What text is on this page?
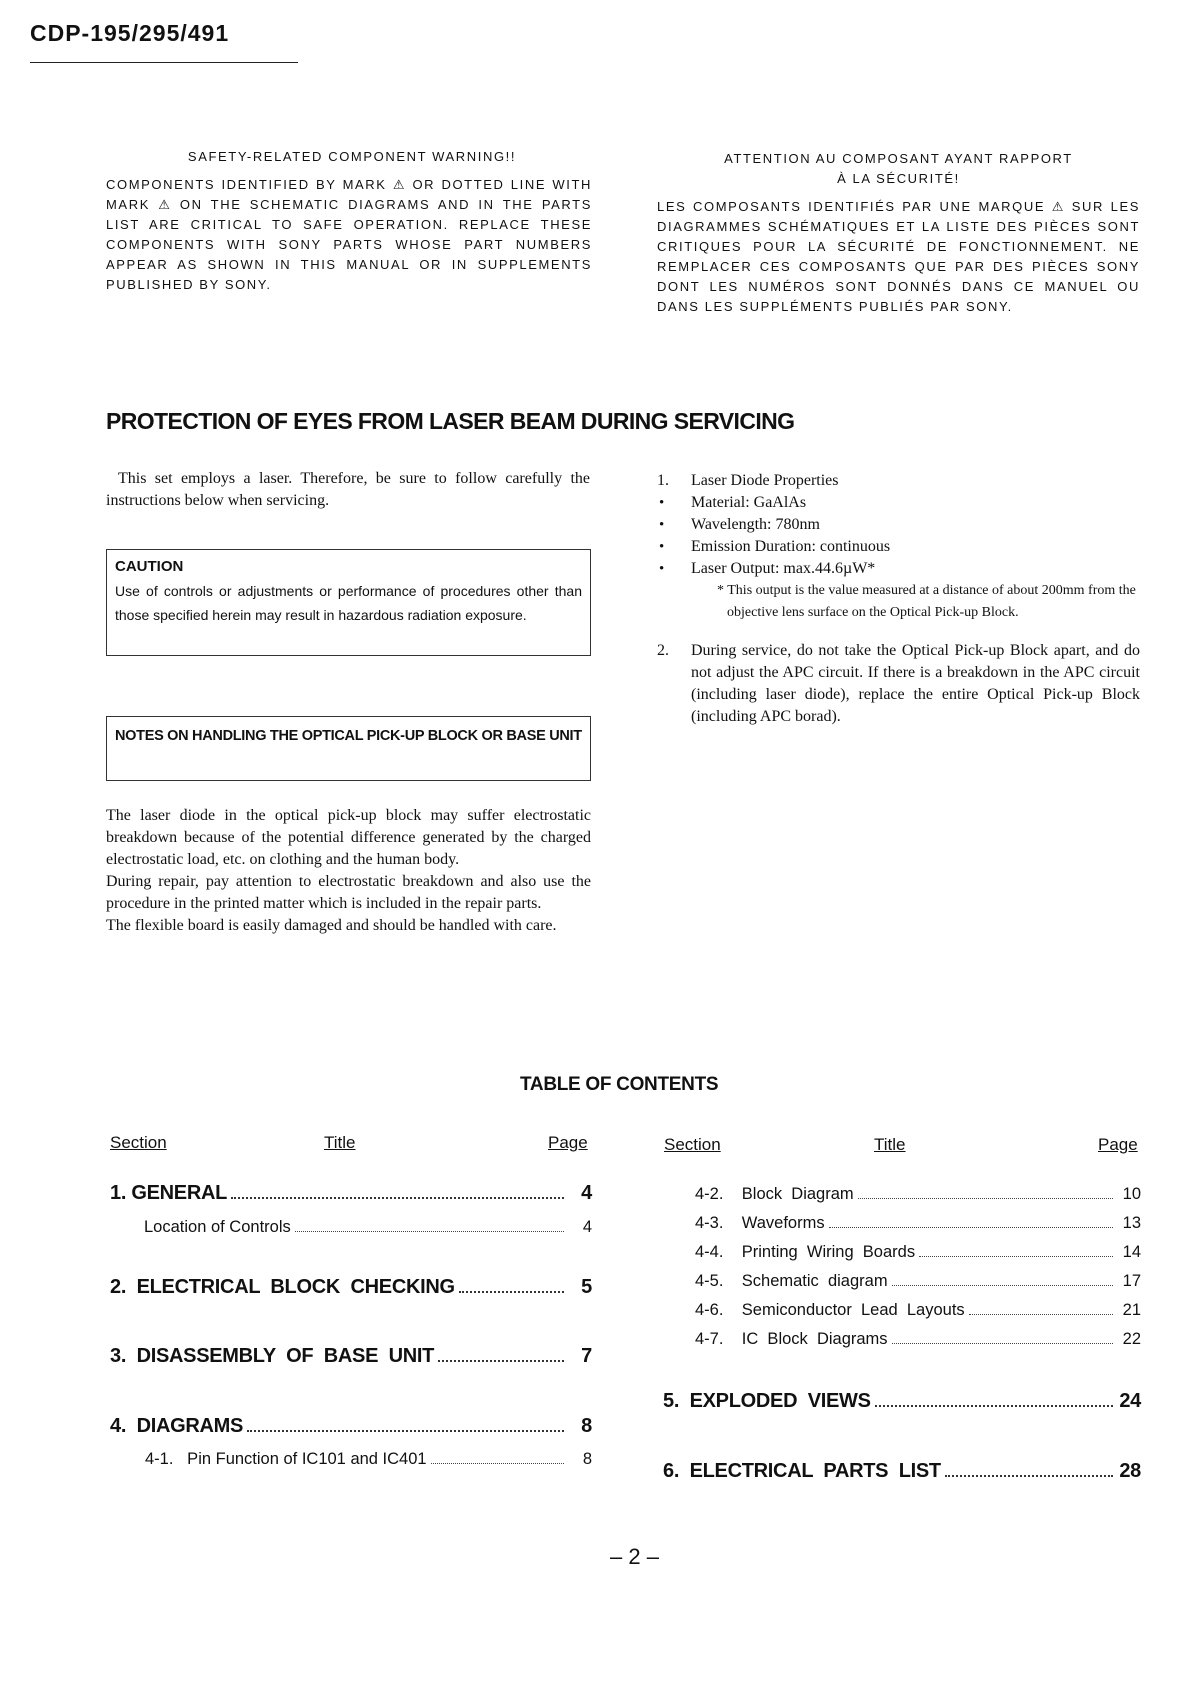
CDP-195/295/491
SAFETY-RELATED COMPONENT WARNING!!

COMPONENTS IDENTIFIED BY MARK ⚠ OR DOTTED LINE WITH MARK ⚠ ON THE SCHEMATIC DIAGRAMS AND IN THE PARTS LIST ARE CRITICAL TO SAFE OPERATION. REPLACE THESE COMPONENTS WITH SONY PARTS WHOSE PART NUMBERS APPEAR AS SHOWN IN THIS MANUAL OR IN SUPPLEMENTS PUBLISHED BY SONY.

ATTENTION AU COMPOSANT AYANT RAPPORT
À LA SÉCURITÉ!

LES COMPOSANTS IDENTIFIÉS PAR UNE MARQUE ⚠ SUR LES DIAGRAMMES SCHÉMATIQUES ET LA LISTE DES PIÈCES SONT CRITIQUES POUR LA SÉCURITÉ DE FONCTIONNEMENT. NE REMPLACER CES COMPOSANTS QUE PAR DES PIÈCES SONY DONT LES NUMÉROS SONT DONNÉS DANS CE MANUEL OU DANS LES SUPPLÉMENTS PUBLIÉS PAR SONY.

PROTECTION OF EYES FROM LASER BEAM DURING SERVICING

This set employs a laser. Therefore, be sure to follow carefully the instructions below when servicing.

CAUTION
Use of controls or adjustments or performance of procedures other than those specified herein may result in hazardous radiation exposure.
NOTES ON HANDLING THE OPTICAL PICK-UP BLOCK OR BASE UNIT

The laser diode in the optical pick-up block may suffer electrostatic breakdown because of the potential difference generated by the charged electrostatic load, etc. on clothing and the human body.

During repair, pay attention to electrostatic breakdown and also use the procedure in the printed matter which is included in the repair parts.

The flexible board is easily damaged and should be handled with care.

1. Laser Diode Properties
• Material: GaAlAs
• Wavelength: 780nm
• Emission Duration: continuous
• Laser Output: max.44.6µW*
* This output is the value measured at a distance of about 200mm from the objective lens surface on the Optical Pick-up Block.
2. During service, do not take the Optical Pick-up Block apart, and do not adjust the APC circuit. If there is a breakdown in the APC circuit (including laser diode), replace the entire Optical Pick-up Block (including APC borad).
TABLE OF CONTENTS
Section	Title	Page	Section	Title	Page
1. GENERAL	4
Location of Controls	4
2.  ELECTRICAL  BLOCK  CHECKING	5
3.  DISASSEMBLY  OF  BASE  UNIT	7
4.  DIAGRAMS	8
4-1.   Pin Function of IC101 and IC401	8
4-2.    Block  Diagram	10
4-3.    Waveforms	13
4-4.    Printing  Wiring  Boards	14
4-5.    Schematic  diagram	17
4-6.    Semiconductor  Lead  Layouts	21
4-7.    IC  Block  Diagrams	22
5.  EXPLODED  VIEWS	24
6.  ELECTRICAL  PARTS  LIST	28
– 2 –
